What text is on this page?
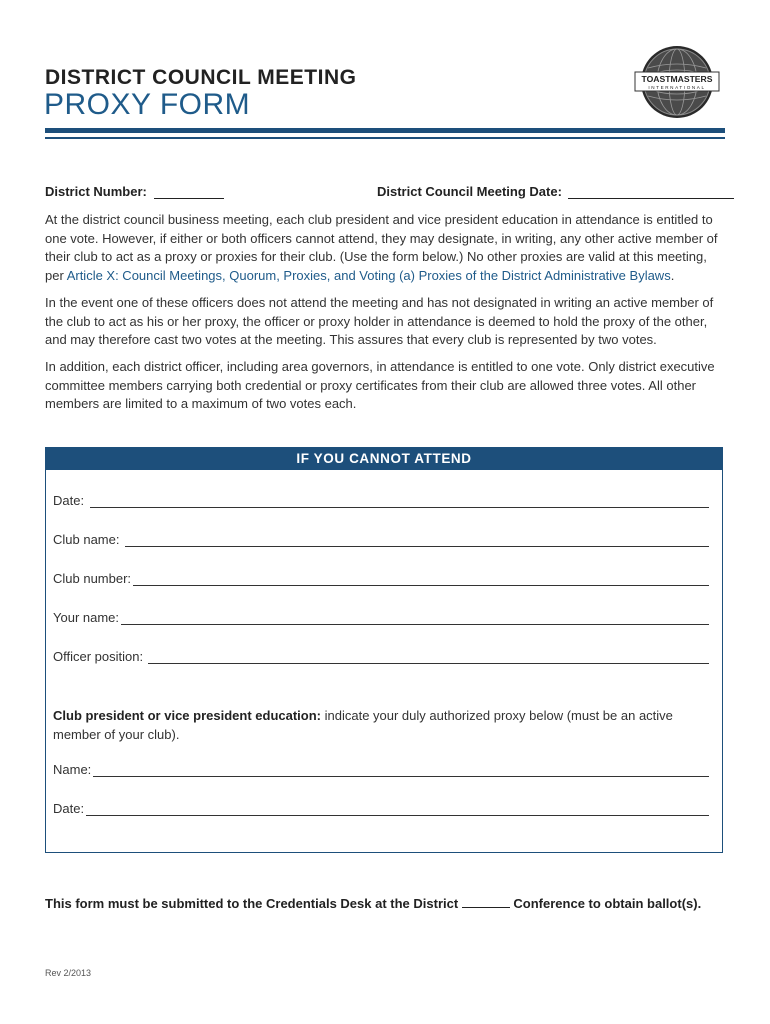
DISTRICT COUNCIL MEETING
PROXY FORM
TOASTMASTERS
INTERNATIONAL
District Number:	District Council Meeting Date:

At the district council business meeting, each club president and vice president education in attendance is entitled to one vote. However, if either or both officers cannot attend, they may designate, in writing, any other active member of their club to act as a proxy or proxies for their club. (Use the form below.) No other proxies are valid at this meeting, per Article X: Council Meetings, Quorum, Proxies, and Voting (a) Proxies of the District Administrative Bylaws.

In the event one of these officers does not attend the meeting and has not designated in writing an active member of the club to act as his or her proxy, the officer or proxy holder in attendance is deemed to hold the proxy of the other, and may therefore cast two votes at the meeting. This assures that every club is represented by two votes.

In addition, each district officer, including area governors, in attendance is entitled to one vote. Only district executive committee members carrying both credential or proxy certificates from their club are allowed three votes. All other members are limited to a maximum of two votes each.

IF YOU CANNOT ATTEND
Date:
Club name:
Club number:
Your name:
Officer position:

Club president or vice president education: indicate your duly authorized proxy below (must be an active member of your club).

Name:
Date:

This form must be submitted to the Credentials Desk at the District	Conference to obtain ballot(s).

Rev 2/2013
